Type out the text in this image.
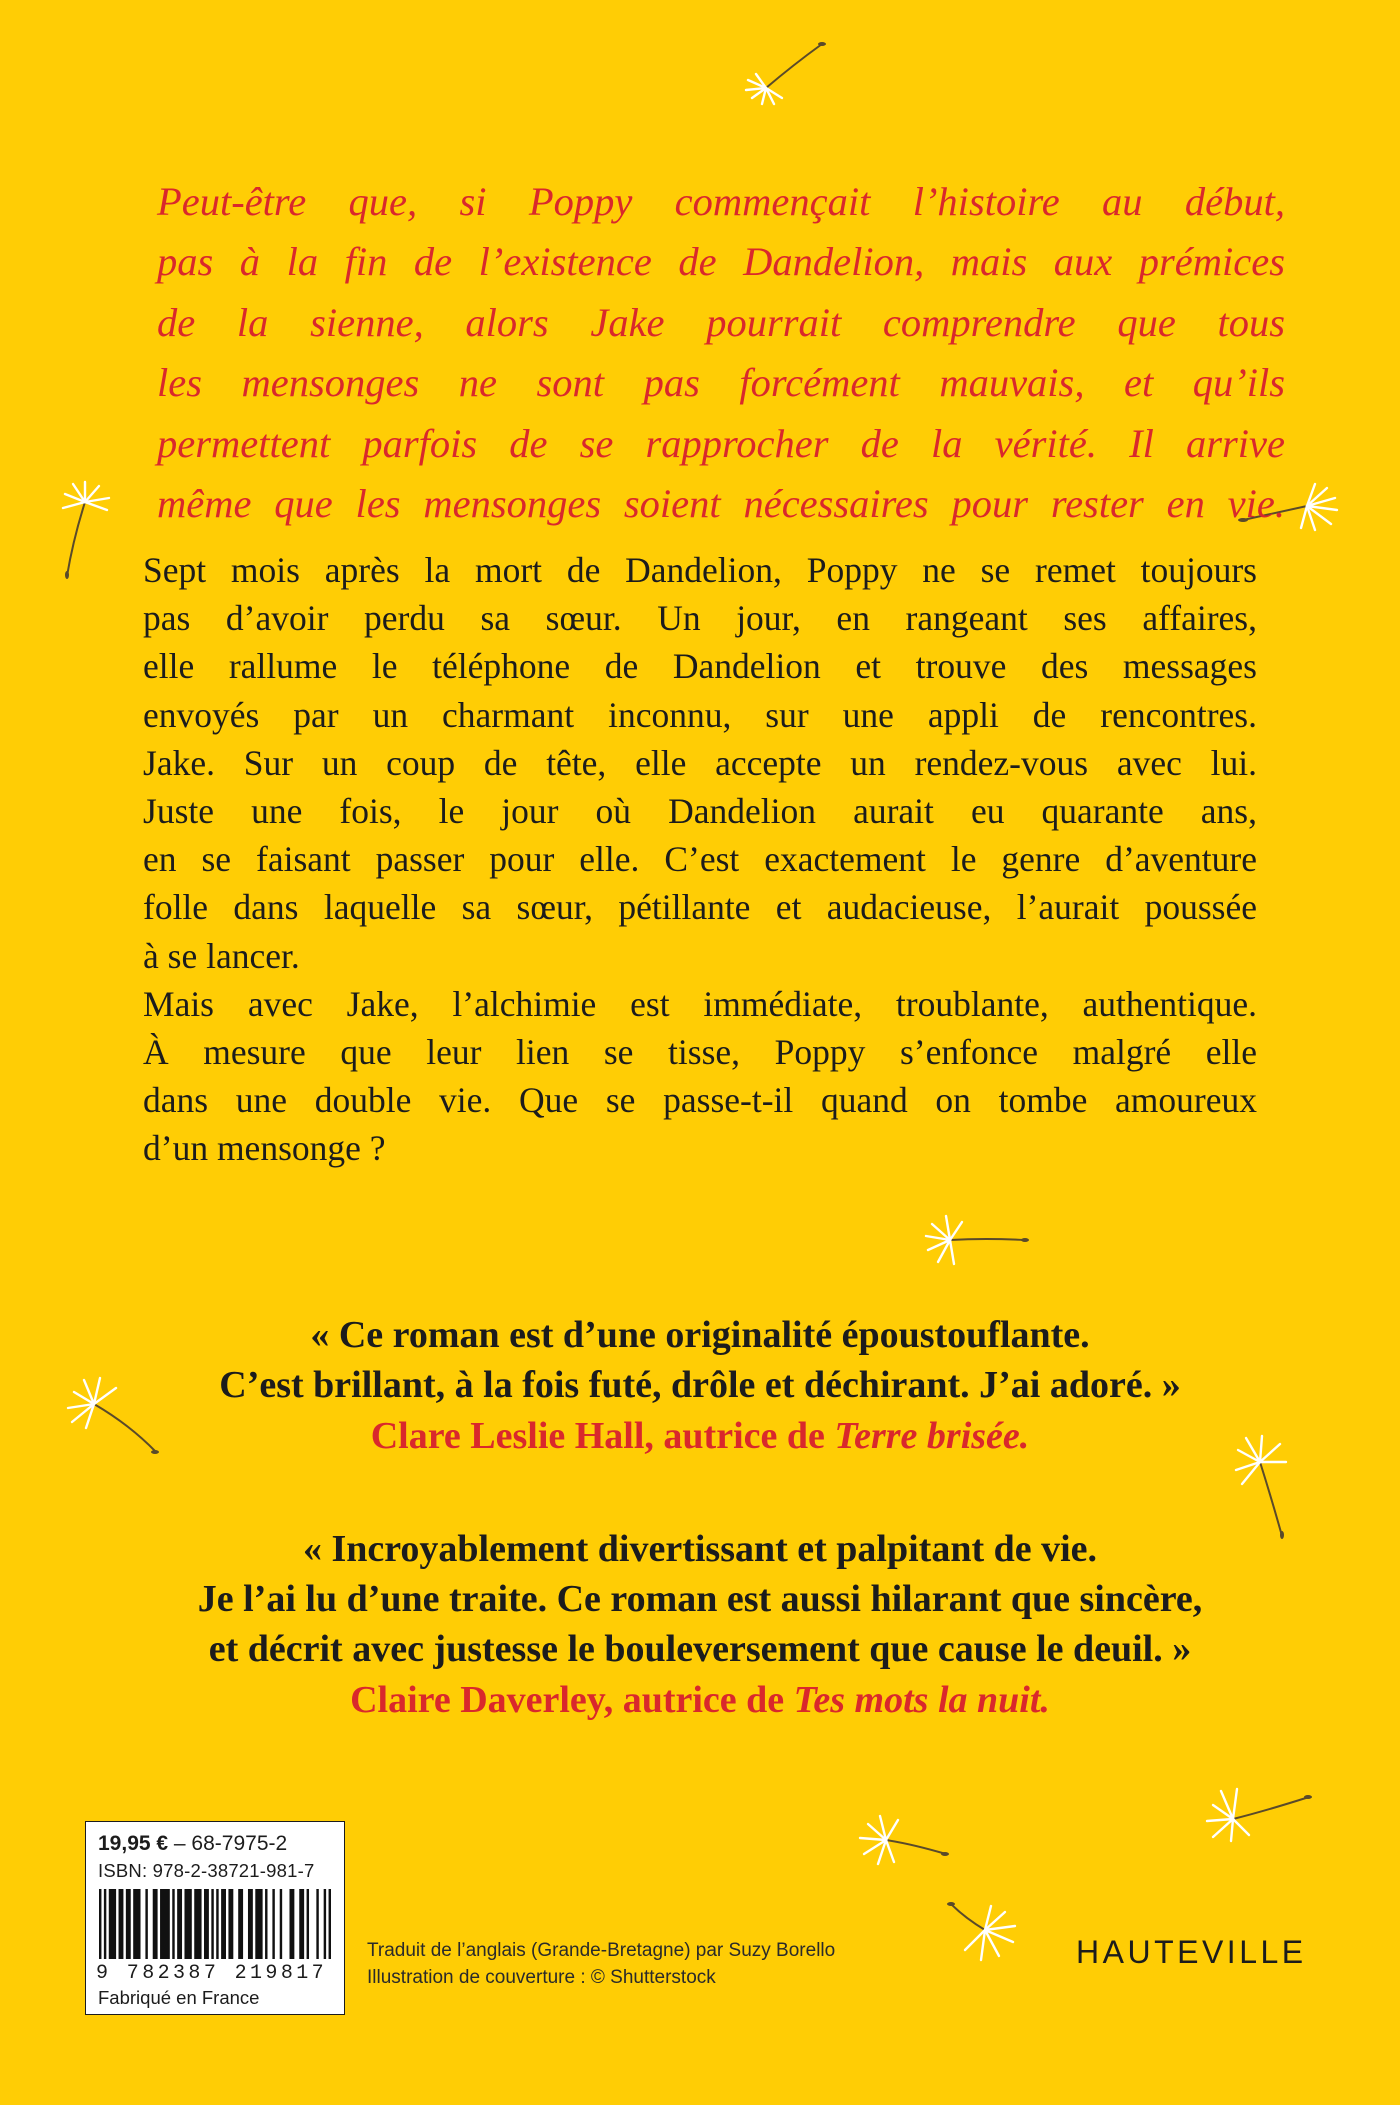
Peut-être que, si Poppy commençait l’histoire au début,
pas à la fin de l’existence de Dandelion, mais aux prémices
de la sienne, alors Jake pourrait comprendre que tous
les mensonges ne sont pas forcément mauvais, et qu’ils
permettent parfois de se rapprocher de la vérité. Il arrive
même que les mensonges soient nécessaires pour rester en vie.

Sept mois après la mort de Dandelion, Poppy ne se remet toujours
pas d’avoir perdu sa sœur. Un jour, en rangeant ses affaires,
elle rallume le téléphone de Dandelion et trouve des messages
envoyés par un charmant inconnu, sur une appli de rencontres.
Jake. Sur un coup de tête, elle accepte un rendez-vous avec lui.
Juste une fois, le jour où Dandelion aurait eu quarante ans,
en se faisant passer pour elle. C’est exactement le genre d’aventure
folle dans laquelle sa sœur, pétillante et audacieuse, l’aurait poussée
à se lancer.
Mais avec Jake, l’alchimie est immédiate, troublante, authentique.
À mesure que leur lien se tisse, Poppy s’enfonce malgré elle
dans une double vie. Que se passe-t-il quand on tombe amoureux
d’un mensonge ?

« Ce roman est d’une originalité époustouflante.
C’est brillant, à la fois futé, drôle et déchirant. J’ai adoré. »
Clare Leslie Hall, autrice de Terre brisée.
« Incroyablement divertissant et palpitant de vie.
Je l’ai lu d’une traite. Ce roman est aussi hilarant que sincère,
et décrit avec justesse le bouleversement que cause le deuil. »
Claire Daverley, autrice de Tes mots la nuit.
19,95 € – 68-7975-2
ISBN: 978-2-38721-981-7
9 782387 219817
Fabriqué en France
Traduit de l’anglais (Grande-Bretagne) par Suzy Borello
Illustration de couverture : © Shutterstock
HAUTEVILLE
